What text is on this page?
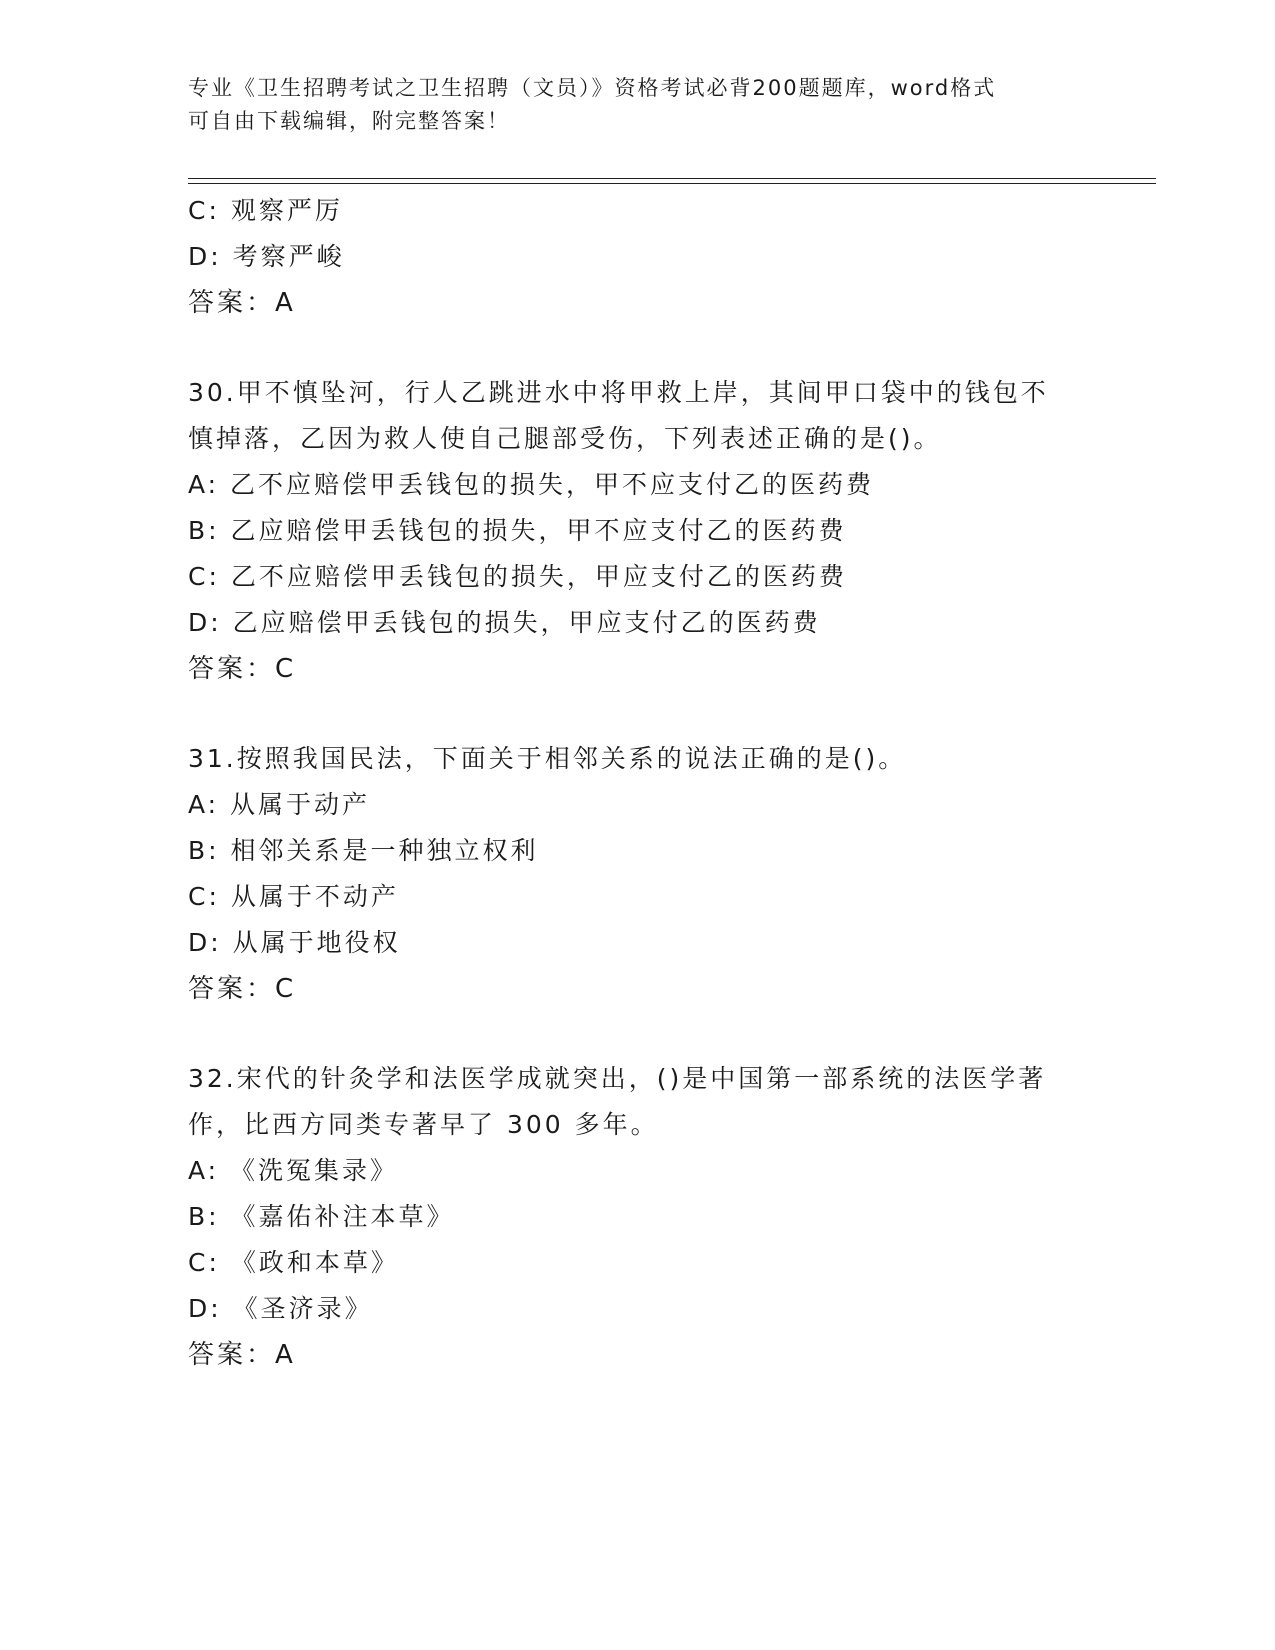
专业《卫生招聘考试之卫生招聘（文员）》资格考试必背200题题库，word格式
可自由下载编辑，附完整答案！
C: 观察严厉
D: 考察严峻
答案：A
30.甲不慎坠河，行人乙跳进水中将甲救上岸，其间甲口袋中的钱包不
慎掉落，乙因为救人使自己腿部受伤，下列表述正确的是()。
A: 乙不应赔偿甲丢钱包的损失，甲不应支付乙的医药费
B: 乙应赔偿甲丢钱包的损失，甲不应支付乙的医药费
C: 乙不应赔偿甲丢钱包的损失，甲应支付乙的医药费
D: 乙应赔偿甲丢钱包的损失，甲应支付乙的医药费
答案：C
31.按照我国民法，下面关于相邻关系的说法正确的是()。
A: 从属于动产
B: 相邻关系是一种独立权利
C: 从属于不动产
D: 从属于地役权
答案：C
32.宋代的针灸学和法医学成就突出，()是中国第一部系统的法医学著
作，比西方同类专著早了 300 多年。
A: 《洗冤集录》
B: 《嘉佑补注本草》
C: 《政和本草》
D: 《圣济录》
答案：A
